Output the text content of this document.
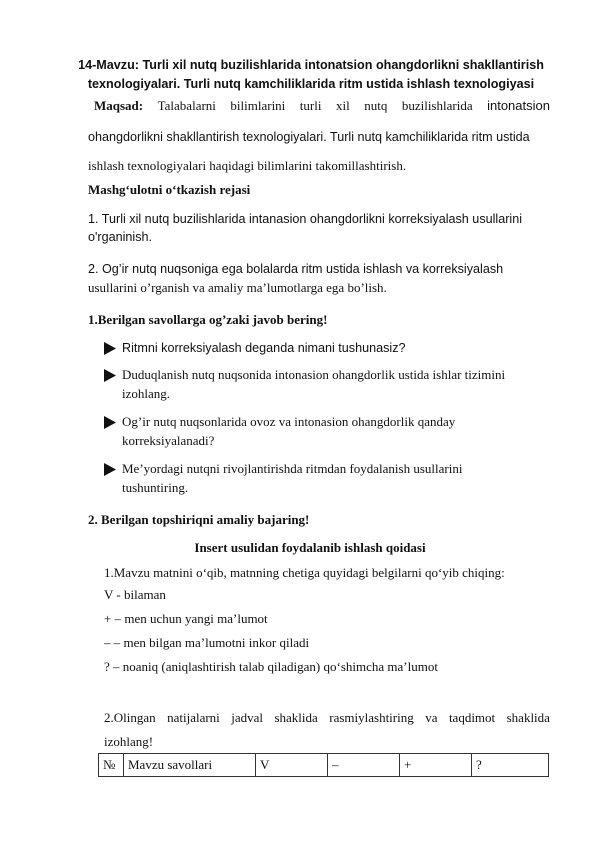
14-Mavzu: Turli xil nutq buzilishlarida intonatsion ohangdorlikni shakllantirish
texnologiyalari. Turli nutq kamchiliklarida ritm ustida ishlash texnologiyasi
Maqsad: Talabalarni bilimlarini turli xil nutq buzilishlarida intonatsion
ohangdorlikni shakllantirish texnologiyalari. Turli nutq kamchiliklarida ritm ustida
ishlash texnologiyalari haqidagi bilimlarini takomillashtirish.
Mashg‘ulotni o‘tkazish rejasi
1. Turli xil nutq buzilishlarida intanasion ohangdorlikni korreksiyalash usullarini
o'rganinish.
2. Og’ir nutq nuqsoniga ega bolalarda ritm ustida ishlash va korreksiyalash
usullarini o’rganish va amaliy ma’lumotlarga ega bo’lish.
1.Berilgan savollarga og’zaki javob bering!
Ritmni korreksiyalash deganda nimani tushunasiz?
Duduqlanish nutq nuqsonida intonasion ohangdorlik ustida ishlar tizimini
izohlang.
Og’ir nutq nuqsonlarida ovoz va intonasion ohangdorlik qanday
korreksiyalanadi?
Me’yordagi nutqni rivojlantirishda ritmdan foydalanish usullarini
tushuntiring.
2. Berilgan topshiriqni amaliy bajaring!
Insert usulidan foydalanib ishlash qoidasi
1.Mavzu matnini o‘qib, matnning chetiga quyidagi belgilarni qo‘yib chiqing:
V - bilaman
+ – men uchun yangi ma’lumot
– – men bilgan ma’lumotni inkor qiladi
? – noaniq (aniqlashtirish talab qiladigan) qo‘shimcha ma’lumot
2.Olingan natijalarni jadval shaklida rasmiylashtiring va taqdimot shaklida
izohlang!
№	Mavzu savollari	V	–	+	?
